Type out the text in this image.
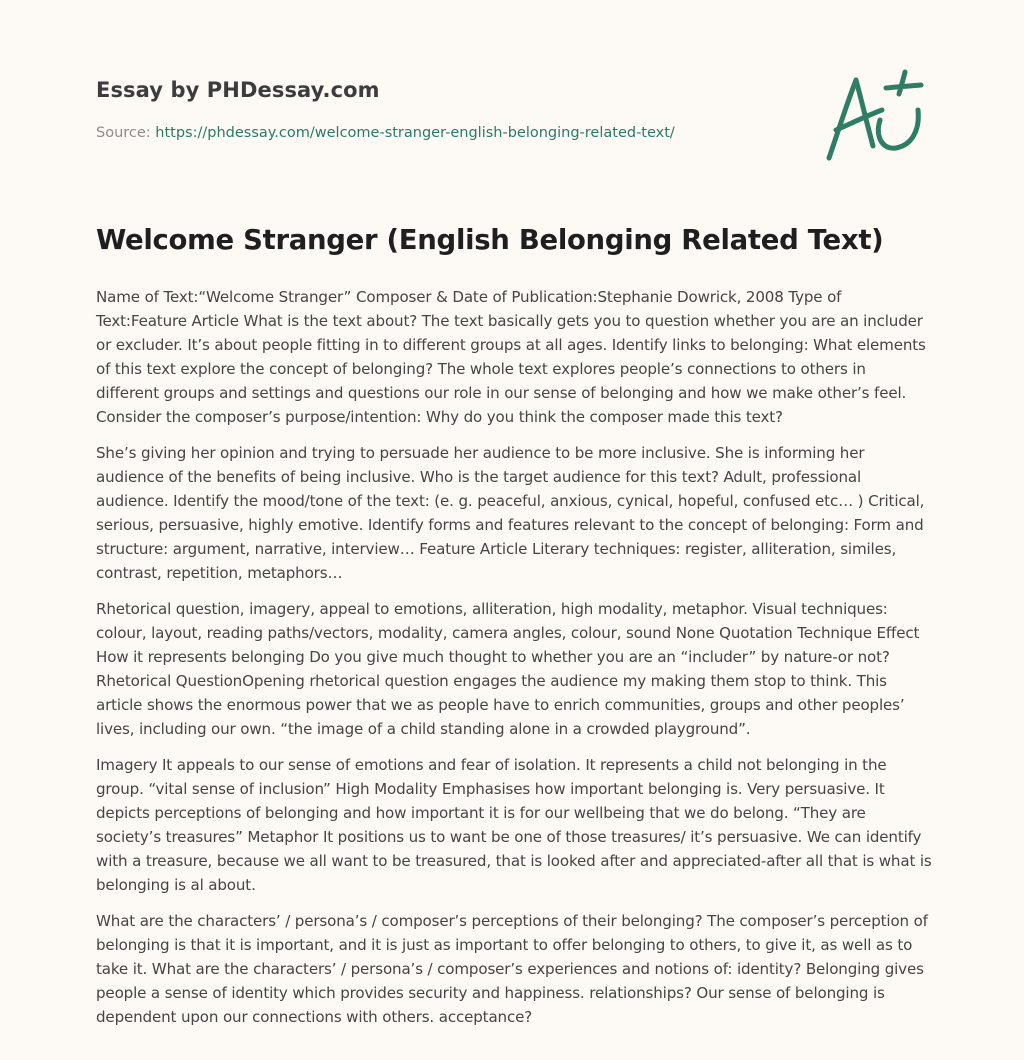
Essay by PHDessay.com
Source: https://phdessay.com/welcome-stranger-english-belonging-related-text/
Welcome Stranger (English Belonging Related Text)

Name of Text:“Welcome Stranger” Composer & Date of Publication:Stephanie Dowrick, 2008 Type of Text:Feature Article What is the text about? The text basically gets you to question whether you are an includer or excluder. It’s about people fitting in to different groups at all ages. Identify links to belonging: What elements of this text explore the concept of belonging? The whole text explores people’s connections to others in different groups and settings and questions our role in our sense of belonging and how we make other’s feel. Consider the composer’s purpose/intention: Why do you think the composer made this text?

She’s giving her opinion and trying to persuade her audience to be more inclusive. She is informing her audience of the benefits of being inclusive. Who is the target audience for this text? Adult, professional audience. Identify the mood/tone of the text: (e. g. peaceful, anxious, cynical, hopeful, confused etc… ) Critical, serious, persuasive, highly emotive. Identify forms and features relevant to the concept of belonging: Form and structure: argument, narrative, interview… Feature Article Literary techniques: register, alliteration, similes, contrast, repetition, metaphors…

Rhetorical question, imagery, appeal to emotions, alliteration, high modality, metaphor. Visual techniques: colour, layout, reading paths/vectors, modality, camera angles, colour, sound None Quotation Technique Effect How it represents belonging Do you give much thought to whether you are an “includer” by nature-or not? Rhetorical QuestionOpening rhetorical question engages the audience my making them stop to think. This article shows the enormous power that we as people have to enrich communities, groups and other peoples’ lives, including our own. “the image of a child standing alone in a crowded playground”.

Imagery It appeals to our sense of emotions and fear of isolation. It represents a child not belonging in the group. “vital sense of inclusion” High Modality Emphasises how important belonging is. Very persuasive. It depicts perceptions of belonging and how important it is for our wellbeing that we do belong. “They are society’s treasures” Metaphor It positions us to want be one of those treasures/ it’s persuasive. We can identify with a treasure, because we all want to be treasured, that is looked after and appreciated-after all that is what is belonging is al about.

What are the characters’ / persona’s / composer’s perceptions of their belonging? The composer’s perception of belonging is that it is important, and it is just as important to offer belonging to others, to give it, as well as to take it. What are the characters’ / persona’s / composer’s experiences and notions of: identity? Belonging gives people a sense of identity which provides security and happiness. relationships? Our sense of belonging is dependent upon our connections with others. acceptance?
